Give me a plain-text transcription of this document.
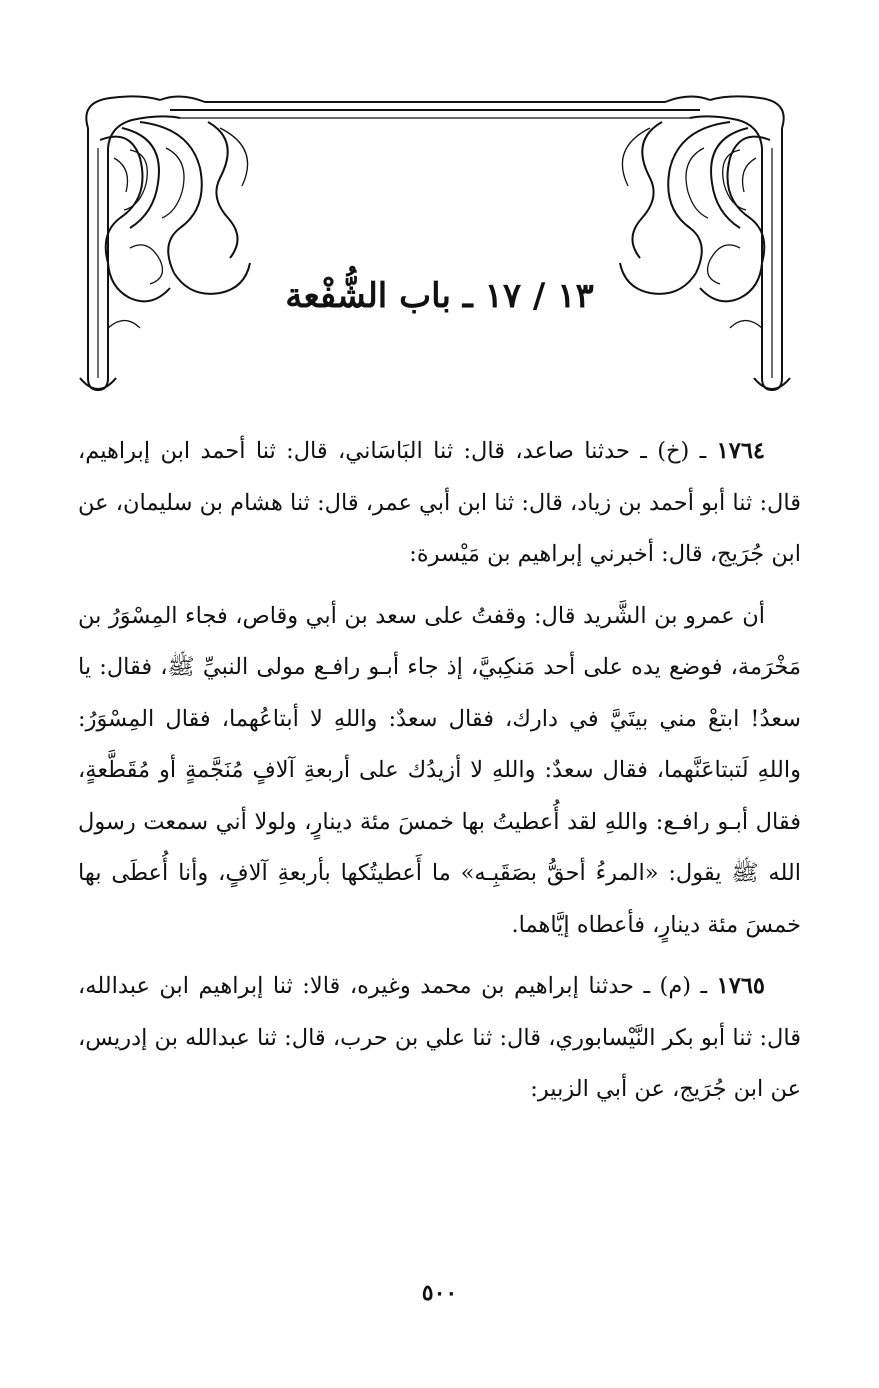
١٣ / ١٧ ـ باب الشُّفْعة

١٧٦٤ ـ (خ) ـ حدثنا صاعد، قال: ثنا البَاسَاني، قال: ثنا أحمد ابن إبراهيم، قال: ثنا أبو أحمد بن زياد، قال: ثنا ابن أبي عمر، قال: ثنا هشام بن سليمان، عن ابن جُرَيج، قال: أخبرني إبراهيم بن مَيْسرة:

أن عمرو بن الشَّريد قال: وقفتُ على سعد بن أبي وقاص، فجاء المِسْوَرُ بن مَخْرَمة، فوضع يده على أحد مَنكِبيَّ، إذ جاء أبـو رافـع مولى النبيِّ ﷺ، فقال: يا سعدُ! ابتعْ مني بيتَيَّ في دارك، فقال سعدٌ: واللهِ لا أبتاعُهما، فقال المِسْوَرُ: واللهِ لَتبتاعَنَّهما، فقال سعدٌ: واللهِ لا أزيدُك على أربعةِ آلافٍ مُنَجَّمةٍ أو مُقَطَّعةٍ، فقال أبـو رافـع: واللهِ لقد أُعطيتُ بها خمسَ مئة دينارٍ، ولولا أني سمعت رسول الله ﷺ يقول: «المرءُ أحقُّ بصَقَبِـه» ما أَعطيتُكها بأربعةِ آلافٍ، وأنا أُعطَى بها خمسَ مئة دينارٍ، فأعطاه إيَّاهما.

١٧٦٥ ـ (م) ـ حدثنا إبراهيم بن محمد وغيره، قالا: ثنا إبراهيم ابن عبدالله، قال: ثنا أبو بكر النَّيْسابوري، قال: ثنا علي بن حرب، قال: ثنا عبدالله بن إدريس، عن ابن جُرَيج، عن أبي الزبير:

٥٠٠
